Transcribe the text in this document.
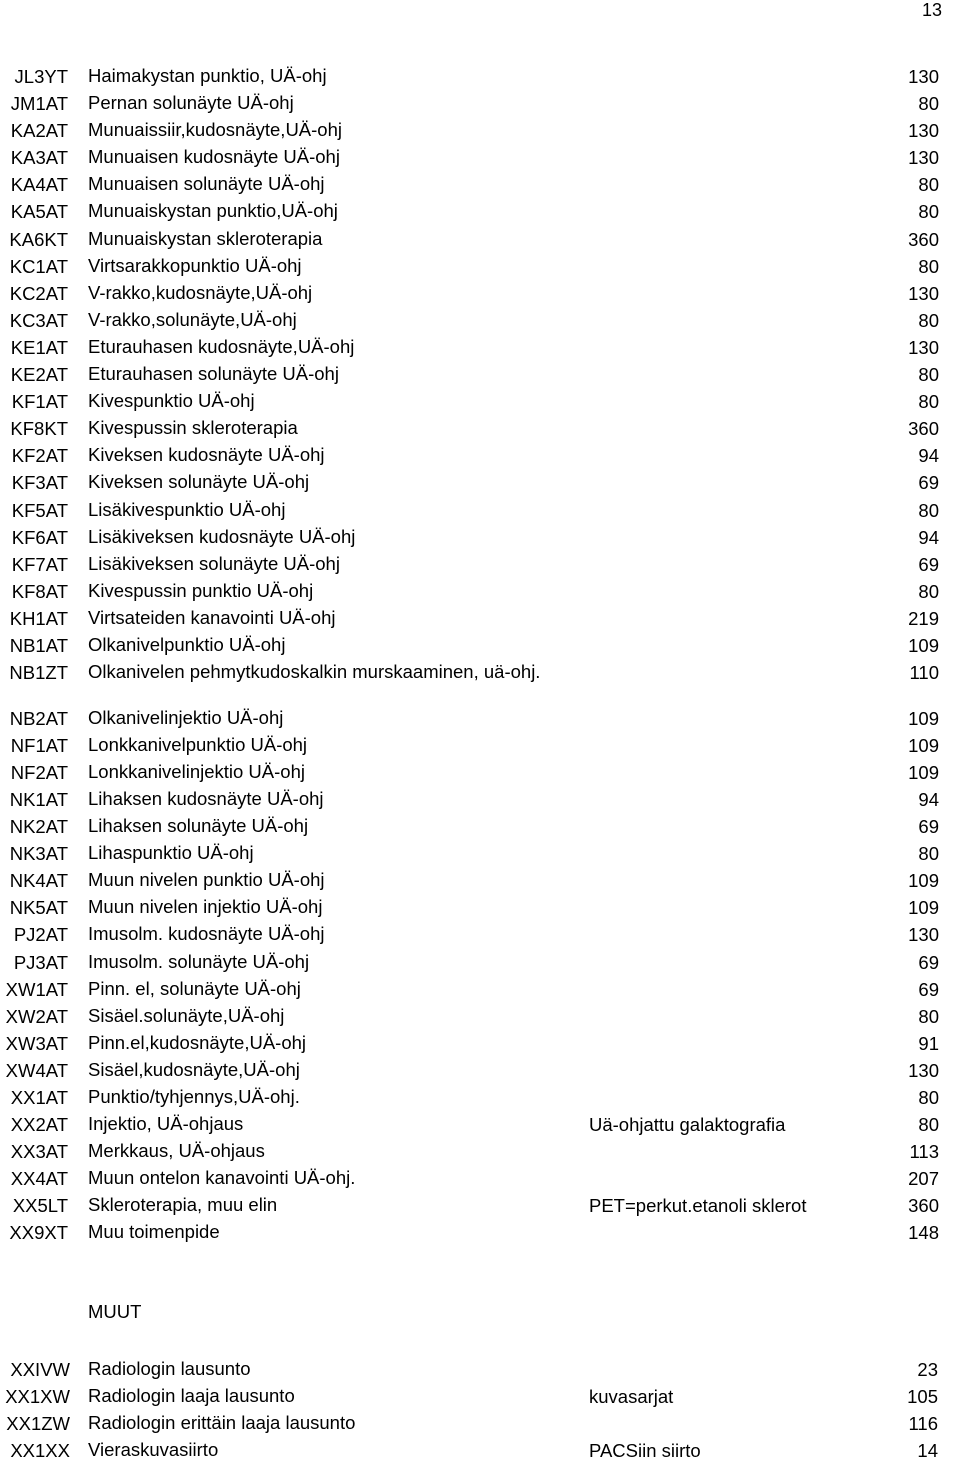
13
JL3YT Haimakystan punktio, UÄ-ohj	130
JM1AT Pernan solunäyte UÄ-ohj	80
KA2AT Munuaissiir,kudosnäyte,UÄ-ohj	130
KA3AT Munuaisen kudosnäyte UÄ-ohj	130
KA4AT Munuaisen solunäyte UÄ-ohj	80
KA5AT Munuaiskystan punktio,UÄ-ohj	80
KA6KT Munuaiskystan skleroterapia	360
KC1AT Virtsarakkopunktio UÄ-ohj	80
KC2AT V-rakko,kudosnäyte,UÄ-ohj	130
KC3AT V-rakko,solunäyte,UÄ-ohj	80
KE1AT Eturauhasen kudosnäyte,UÄ-ohj	130
KE2AT Eturauhasen solunäyte UÄ-ohj	80
KF1AT Kivespunktio UÄ-ohj	80
KF8KT Kivespussin skleroterapia	360
KF2AT Kiveksen kudosnäyte UÄ-ohj	94
KF3AT Kiveksen solunäyte UÄ-ohj	69
KF5AT Lisäkivespunktio UÄ-ohj	80
KF6AT Lisäkiveksen kudosnäyte UÄ-ohj	94
KF7AT Lisäkiveksen solunäyte UÄ-ohj	69
KF8AT Kivespussin punktio UÄ-ohj	80
KH1AT Virtsateiden kanavointi UÄ-ohj	219
NB1AT Olkanivelpunktio UÄ-ohj	109
NB1ZT Olkanivelen pehmytkudoskalkin murskaaminen, uä-ohj.	110
NB2AT Olkanivelinjektio UÄ-ohj	109
NF1AT Lonkkanivelpunktio UÄ-ohj	109
NF2AT Lonkkanivelinjektio UÄ-ohj	109
NK1AT Lihaksen kudosnäyte UÄ-ohj	94
NK2AT Lihaksen solunäyte UÄ-ohj	69
NK3AT Lihaspunktio UÄ-ohj	80
NK4AT Muun nivelen punktio UÄ-ohj	109
NK5AT Muun nivelen injektio UÄ-ohj	109
PJ2AT Imusolm. kudosnäyte UÄ-ohj	130
PJ3AT Imusolm. solunäyte UÄ-ohj	69
XW1AT Pinn. el, solunäyte UÄ-ohj	69
XW2AT Sisäel.solunäyte,UÄ-ohj	80
XW3AT Pinn.el,kudosnäyte,UÄ-ohj	91
XW4AT Sisäel,kudosnäyte,UÄ-ohj	130
XX1AT Punktio/tyhjennys,UÄ-ohj.	80
XX2AT Injektio, UÄ-ohjaus	Uä-ohjattu galaktografia	80
XX3AT Merkkaus, UÄ-ohjaus	113
XX4AT Muun ontelon kanavointi UÄ-ohj.	207
XX5LT Skleroterapia, muu elin	PET=perkut.etanoli sklerot	360
XX9XT Muu toimenpide	148
MUUT
XXIVW Radiologin lausunto	23
XX1XW Radiologin laaja lausunto	kuvasarjat	105
XX1ZW Radiologin erittäin laaja lausunto	116
XX1XX Vieraskuvasiirto	PACSiin siirto	14
